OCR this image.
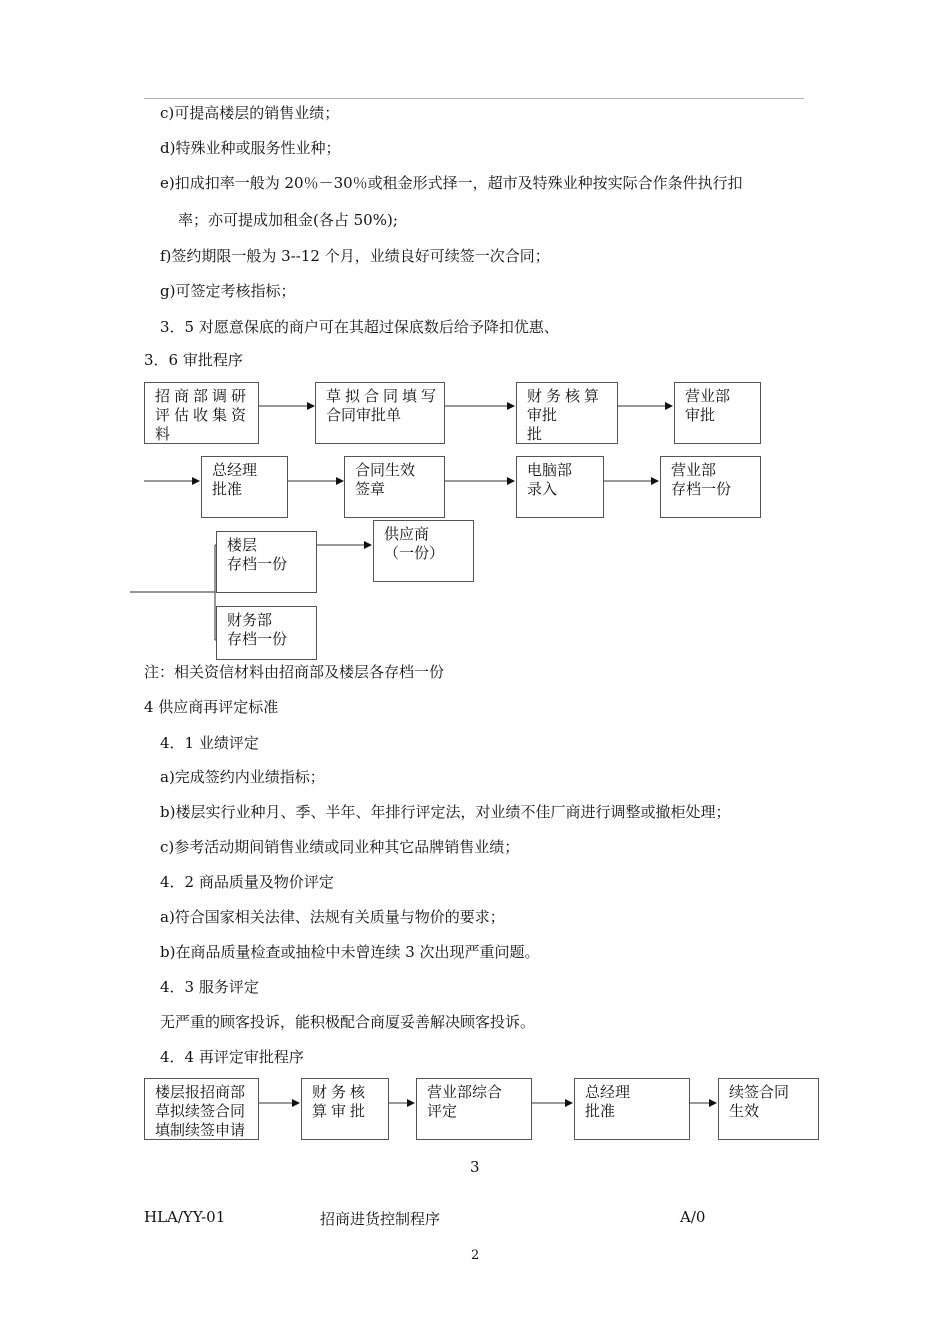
c)可提高楼层的销售业绩；
d)特殊业种或服务性业种；
e)扣成扣率一般为 20％－30％或租金形式择一，超市及特殊业种按实际合作条件执行扣
率；亦可提成加租金(各占 50%);
f)签约期限一般为 3--12 个月，业绩良好可续签一次合同；
g)可签定考核指标；
3．5 对愿意保底的商户可在其超过保底数后给予降扣优惠、
3．6 审批程序
招商部调研
评估收集资
料
草拟合同填写
合同审批单
财务核算
审批
批
营业部
审批
总经理
批准
合同生效
签章
电脑部
录入
营业部
存档一份
楼层
存档一份
供应商
（一份）
财务部
存档一份
注：相关资信材料由招商部及楼层各存档一份
4 供应商再评定标准
4．1 业绩评定
a)完成签约内业绩指标；
b)楼层实行业种月、季、半年、年排行评定法，对业绩不佳厂商进行调整或撤柜处理；
c)参考活动期间销售业绩或同业种其它品牌销售业绩；
4．2 商品质量及物价评定
a)符合国家相关法律、法规有关质量与物价的要求；
b)在商品质量检查或抽检中未曾连续 3 次出现严重问题。
4．3 服务评定
无严重的顾客投诉，能积极配合商厦妥善解决顾客投诉。
4．4 再评定审批程序
楼层报招商部
草拟续签合同
填制续签申请
财务核
算审批
营业部综合
评定
总经理
批准
续签合同
生效
3
HLA/YY-01	招商进货控制程序	A/0
2
